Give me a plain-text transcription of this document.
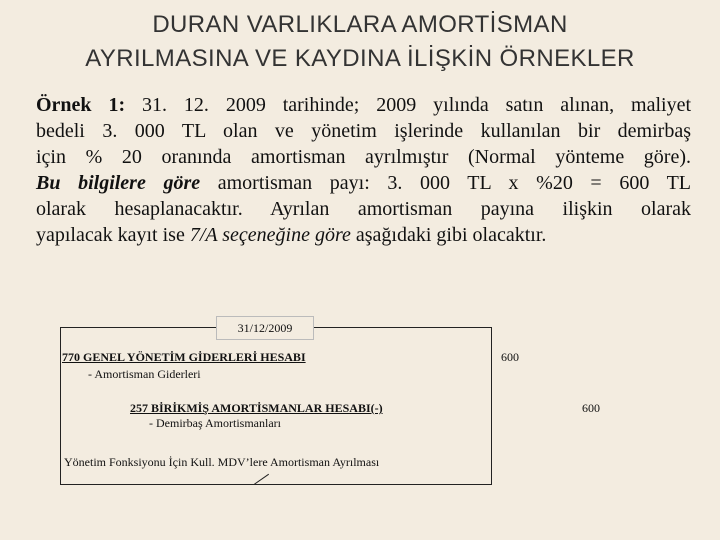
DURAN VARLIKLARA AMORTİSMAN
AYRILMASINA VE KAYDINA İLİŞKİN ÖRNEKLER
Örnek 1: 31. 12. 2009 tarihinde; 2009 yılında satın alınan, maliyet
bedeli 3. 000 TL olan ve yönetim işlerinde kullanılan bir demirbaş
için % 20 oranında amortisman ayrılmıştır (Normal yönteme göre).
Bu bilgilere göre amortisman payı: 3. 000 TL x %20 = 600 TL
olarak hesaplanacaktır. Ayrılan amortisman payına ilişkin olarak
yapılacak kayıt ise 7/A seçeneğine göre aşağıdaki gibi olacaktır.
31/12/2009
770 GENEL YÖNETİM GİDERLERİ HESABI
- Amortisman Giderleri
600
257 BİRİKMİŞ AMORTİSMANLAR HESABI(-)
- Demirbaş Amortismanları
600
Yönetim Fonksiyonu İçin Kull. MDV’lere Amortisman Ayrılması
